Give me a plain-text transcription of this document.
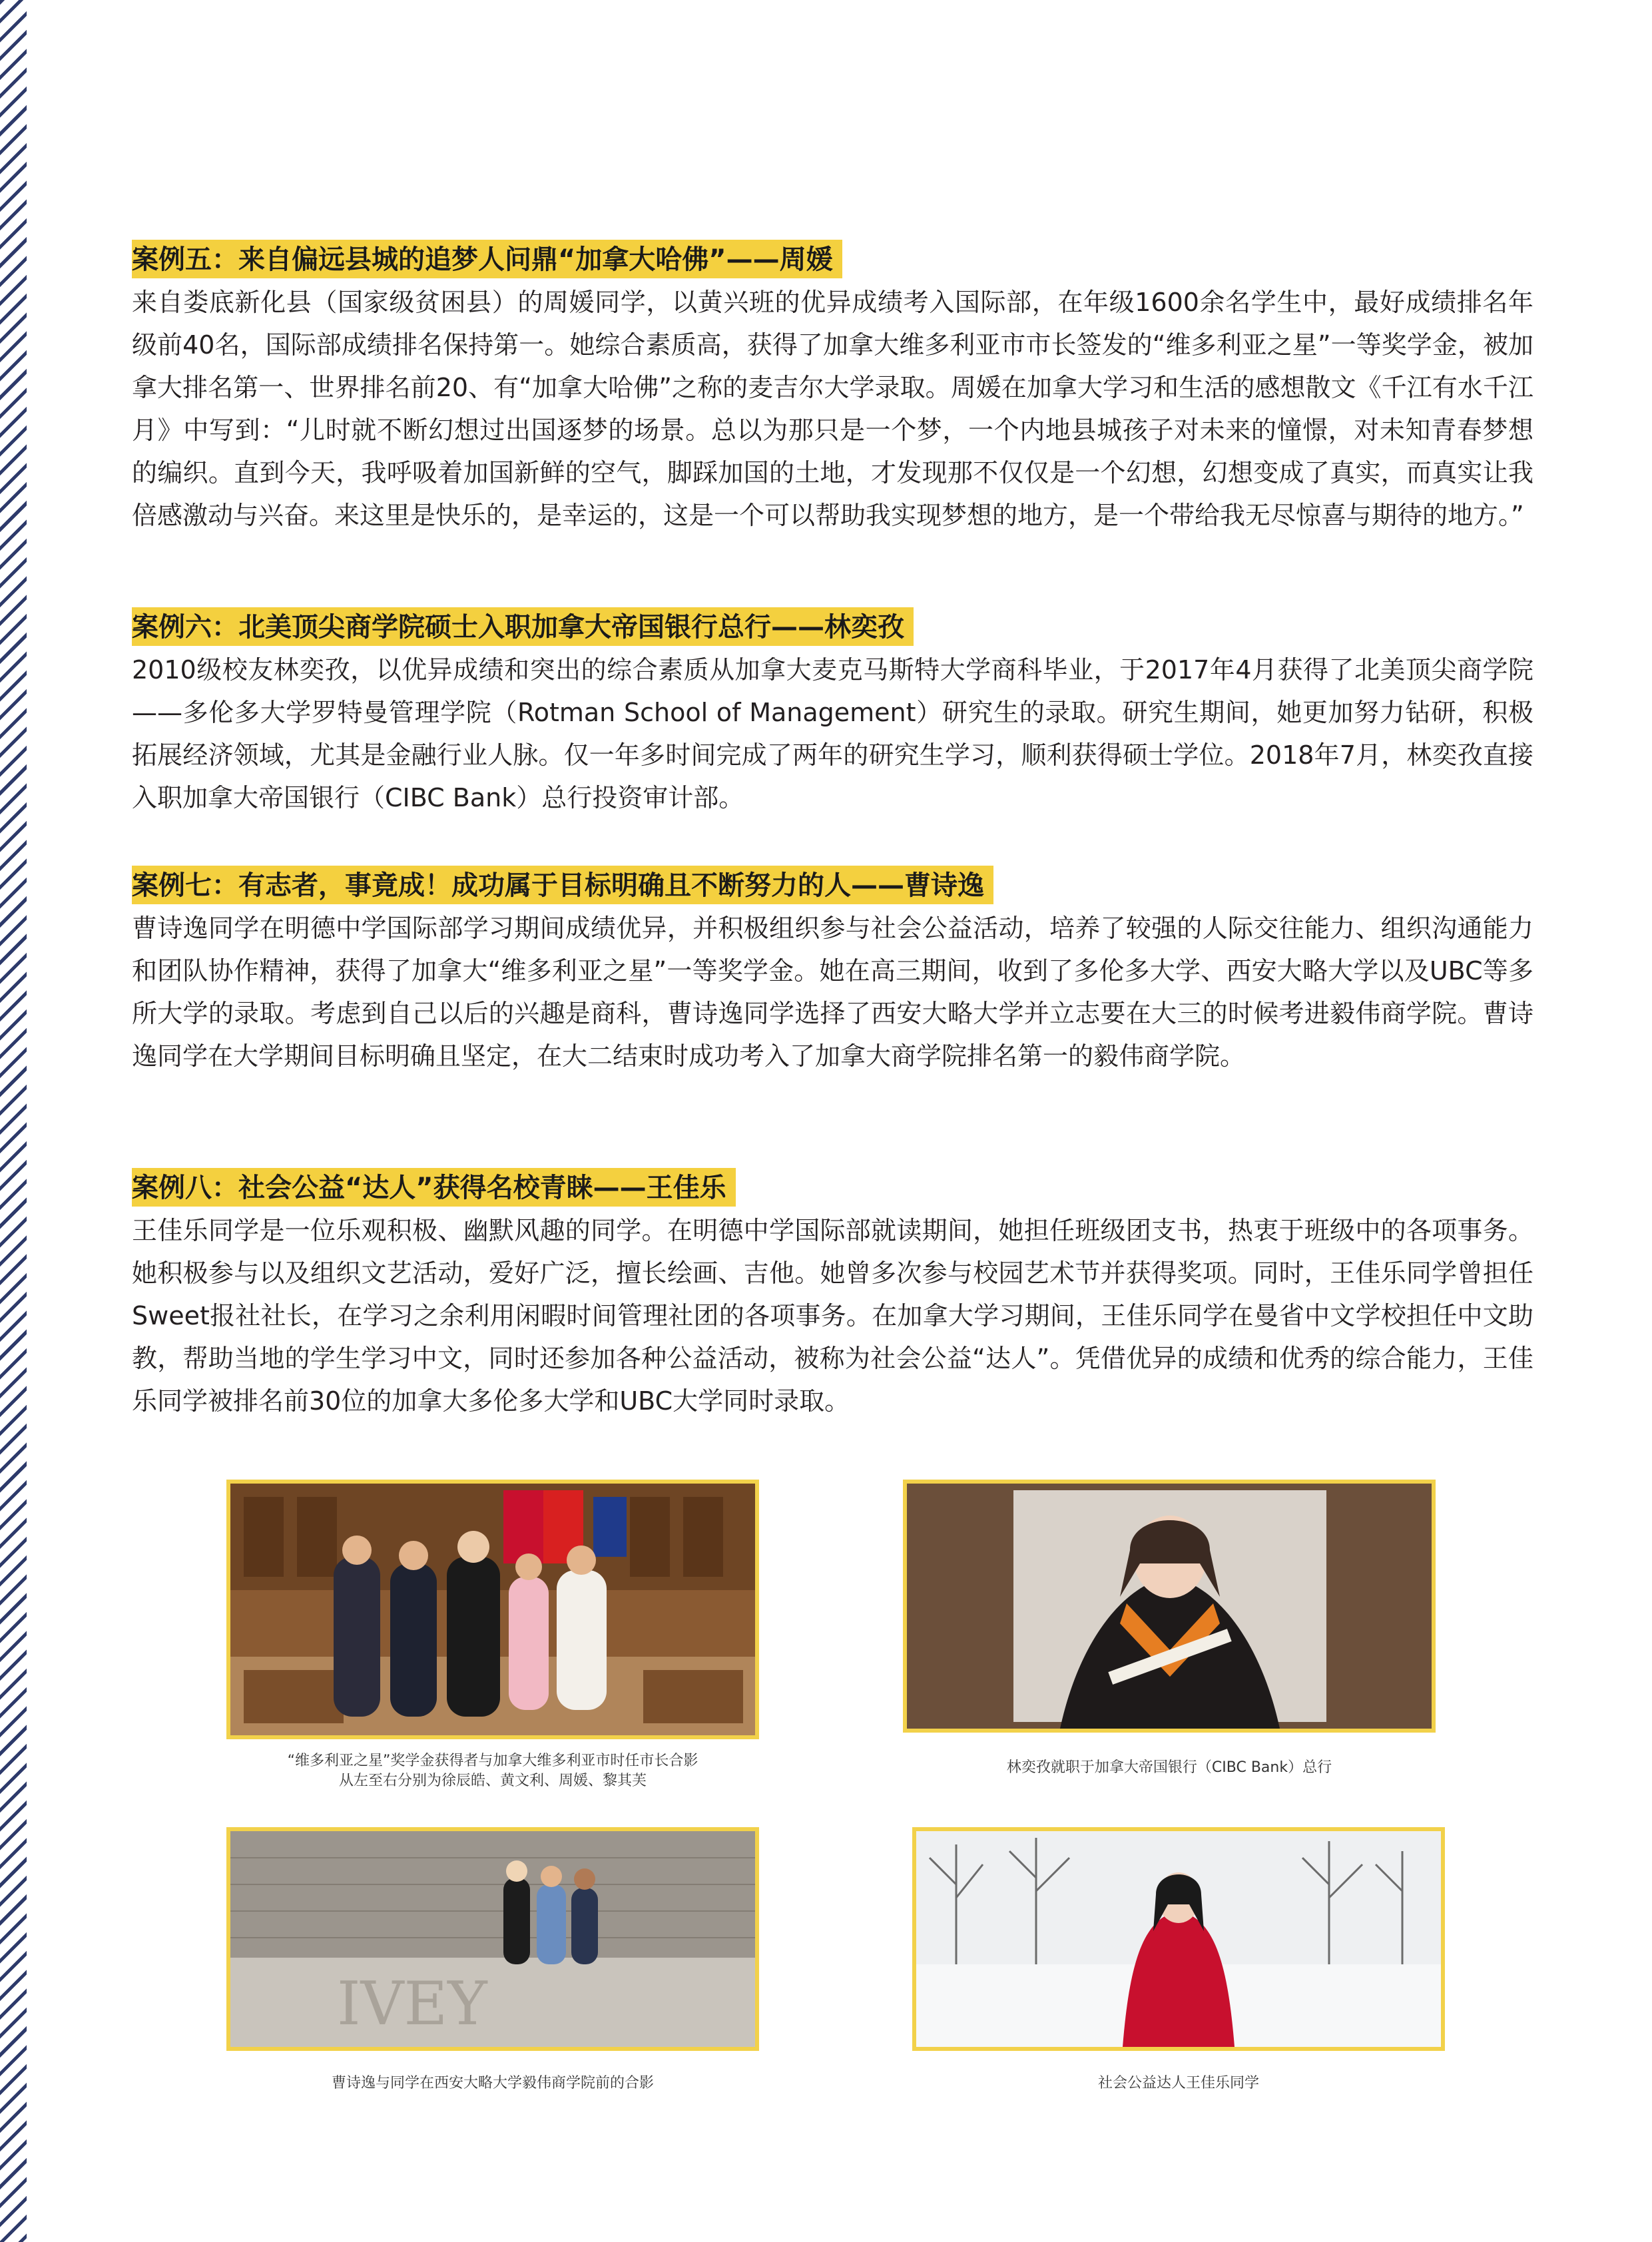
案例五：来自偏远县城的追梦人问鼎“加拿大哈佛”——周媛

来自娄底新化县（国家级贫困县）的周媛同学，以黄兴班的优异成绩考入国际部，在年级1600余名学生中，最好成绩排名年级前40名，国际部成绩排名保持第一。她综合素质高，获得了加拿大维多利亚市市长签发的“维多利亚之星”一等奖学金，被加拿大排名第一、世界排名前20、有“加拿大哈佛”之称的麦吉尔大学录取。周媛在加拿大学习和生活的感想散文《千江有水千江月》中写到：“儿时就不断幻想过出国逐梦的场景。总以为那只是一个梦，一个内地县城孩子对未来的憧憬，对未知青春梦想的编织。直到今天，我呼吸着加国新鲜的空气，脚踩加国的土地，才发现那不仅仅是一个幻想，幻想变成了真实，而真实让我倍感激动与兴奋。来这里是快乐的，是幸运的，这是一个可以帮助我实现梦想的地方，是一个带给我无尽惊喜与期待的地方。”

案例六：北美顶尖商学院硕士入职加拿大帝国银行总行——林奕孜

2010级校友林奕孜，以优异成绩和突出的综合素质从加拿大麦克马斯特大学商科毕业，于2017年4月获得了北美顶尖商学院——多伦多大学罗特曼管理学院（Rotman School of Management）研究生的录取。研究生期间，她更加努力钻研，积极拓展经济领域，尤其是金融行业人脉。仅一年多时间完成了两年的研究生学习，顺利获得硕士学位。2018年7月，林奕孜直接入职加拿大帝国银行（CIBC Bank）总行投资审计部。

案例七：有志者，事竟成！成功属于目标明确且不断努力的人——曹诗逸

曹诗逸同学在明德中学国际部学习期间成绩优异，并积极组织参与社会公益活动，培养了较强的人际交往能力、组织沟通能力和团队协作精神，获得了加拿大“维多利亚之星”一等奖学金。她在高三期间，收到了多伦多大学、西安大略大学以及UBC等多所大学的录取。考虑到自己以后的兴趣是商科，曹诗逸同学选择了西安大略大学并立志要在大三的时候考进毅伟商学院。曹诗逸同学在大学期间目标明确且坚定，在大二结束时成功考入了加拿大商学院排名第一的毅伟商学院。

案例八：社会公益“达人”获得名校青睐——王佳乐

王佳乐同学是一位乐观积极、幽默风趣的同学。在明德中学国际部就读期间，她担任班级团支书，热衷于班级中的各项事务。她积极参与以及组织文艺活动，爱好广泛，擅长绘画、吉他。她曾多次参与校园艺术节并获得奖项。同时，王佳乐同学曾担任Sweet报社社长，在学习之余利用闲暇时间管理社团的各项事务。在加拿大学习期间，王佳乐同学在曼省中文学校担任中文助教，帮助当地的学生学习中文，同时还参加各种公益活动，被称为社会公益“达人”。凭借优异的成绩和优秀的综合能力，王佳乐同学被排名前30位的加拿大多伦多大学和UBC大学同时录取。

“维多利亚之星”奖学金获得者与加拿大维多利亚市时任市长合影
从左至右分别为徐辰皓、黄文利、周媛、黎其芙
林奕孜就职于加拿大帝国银行（CIBC Bank）总行
IVEY
曹诗逸与同学在西安大略大学毅伟商学院前的合影	社会公益达人王佳乐同学
